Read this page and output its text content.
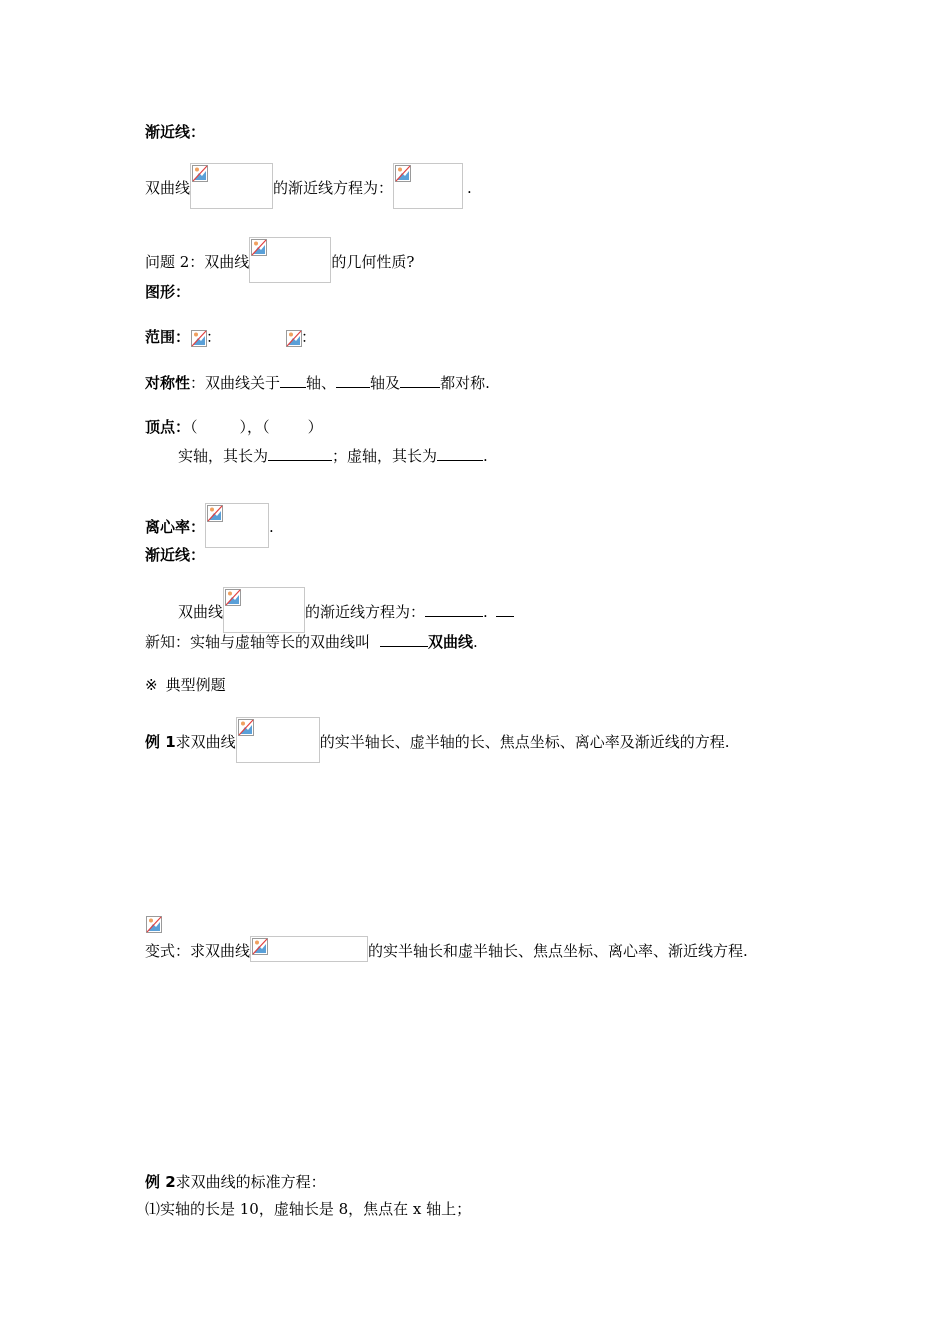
渐近线：
双曲线	的渐近线方程为：	.
问题 2：双曲线	的几何性质?
图形：
范围： ：	：
对称性：双曲线关于 轴、 轴及	都对称.
顶点：（	），（	）
实轴，其长为	；虚轴，其长为	.
离心率：	.
渐近线：
双曲线	的渐近线方程为：	.
新知：实轴与虚轴等长的双曲线叫	双曲线.
※ 典型例题
例 1求双曲线	的实半轴长、虚半轴的长、焦点坐标、离心率及渐近线的方程.
变式：求双曲线	的实半轴长和虚半轴长、焦点坐标、离心率、渐近线方程.
例 2求双曲线的标准方程：
⑴实轴的长是 10，虚轴长是 8，焦点在 x 轴上；
